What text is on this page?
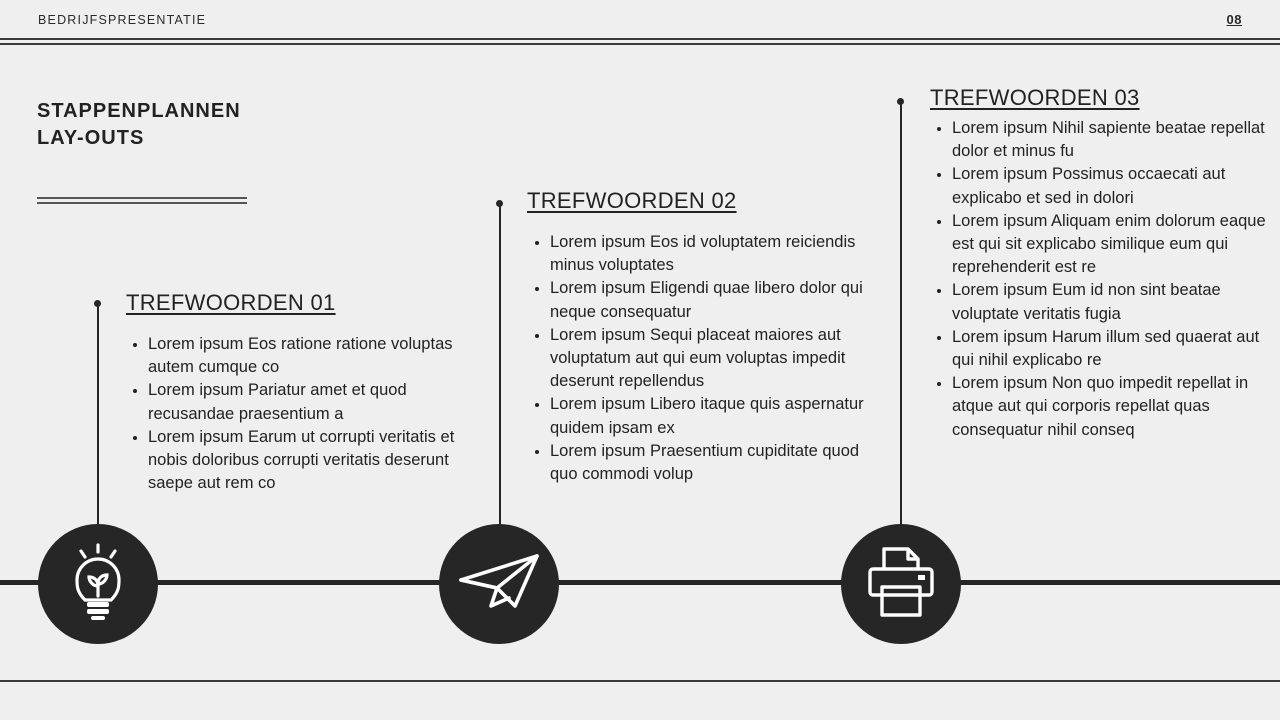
BEDRIJFSPRESENTATIE	08
STAPPENPLANNEN
LAY-OUTS
TREFWOORDEN 01
• Lorem ipsum Eos ratione ratione voluptas autem cumque co
• Lorem ipsum Pariatur amet et quod recusandae praesentium a
• Lorem ipsum Earum ut corrupti veritatis et nobis doloribus corrupti veritatis deserunt saepe aut rem co
TREFWOORDEN 02
• Lorem ipsum Eos id voluptatem reiciendis minus voluptates
• Lorem ipsum Eligendi quae libero dolor qui neque consequatur
• Lorem ipsum Sequi placeat maiores aut voluptatum aut qui eum voluptas impedit deserunt repellendus
• Lorem ipsum Libero itaque quis aspernatur quidem ipsam ex
• Lorem ipsum Praesentium cupiditate quod quo commodi volup
TREFWOORDEN 03
• Lorem ipsum Nihil sapiente beatae repellat dolor et minus fu
• Lorem ipsum Possimus occaecati aut explicabo et sed in dolori
• Lorem ipsum Aliquam enim dolorum eaque est qui sit explicabo similique eum qui reprehenderit est re
• Lorem ipsum Eum id non sint beatae voluptate veritatis fugia
• Lorem ipsum Harum illum sed quaerat aut qui nihil explicabo re
• Lorem ipsum Non quo impedit repellat in atque aut qui corporis repellat quas consequatur nihil conseq
